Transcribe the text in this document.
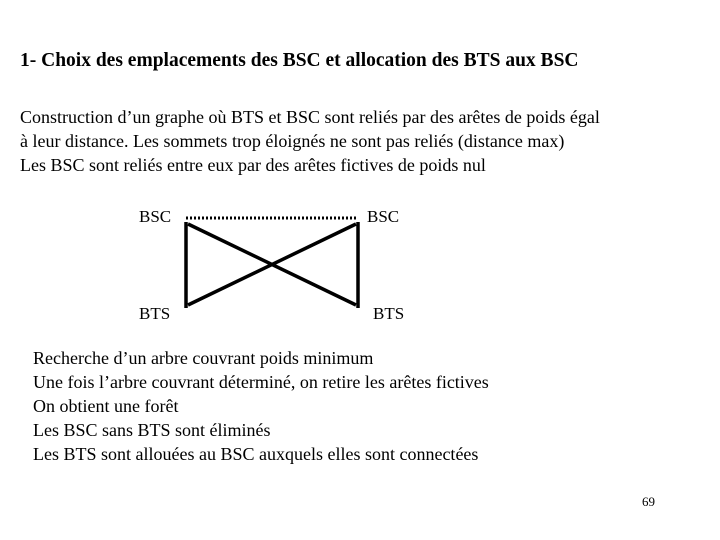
1- Choix des emplacements des BSC et allocation des BTS aux BSC
Construction d’un graphe où BTS et BSC sont reliés par des arêtes de poids égal
à leur distance. Les sommets trop éloignés ne sont pas reliés (distance max)
Les BSC sont reliés entre eux par des arêtes fictives de poids nul
BSC	BSC
BTS	BTS
Recherche d’un arbre couvrant poids minimum
Une fois l’arbre couvrant déterminé, on retire les arêtes fictives
On obtient une forêt
Les BSC sans BTS sont éliminés
Les BTS sont allouées au BSC auxquels elles sont connectées
69
